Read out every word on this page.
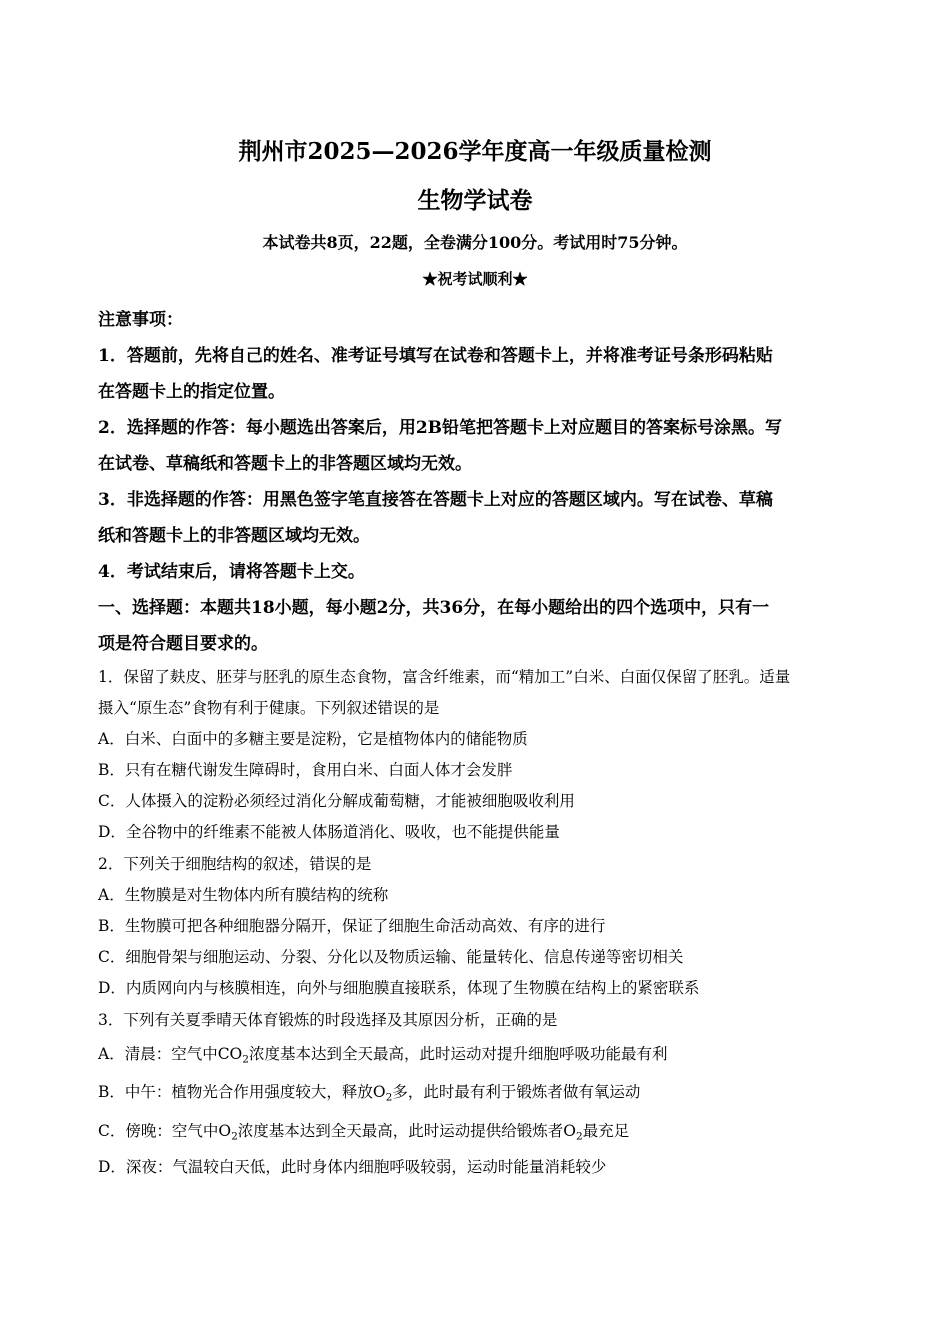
荆州市2025—2026学年度高一年级质量检测
生物学试卷
本试卷共8页，22题，全卷满分100分。考试用时75分钟。
★祝考试顺利★
注意事项：
1．答题前，先将自己的姓名、准考证号填写在试卷和答题卡上，并将准考证号条形码粘贴
在答题卡上的指定位置。
2．选择题的作答：每小题选出答案后，用2B铅笔把答题卡上对应题目的答案标号涂黑。写
在试卷、草稿纸和答题卡上的非答题区域均无效。
3．非选择题的作答：用黑色签字笔直接答在答题卡上对应的答题区域内。写在试卷、草稿
纸和答题卡上的非答题区域均无效。
4．考试结束后，请将答题卡上交。
一、选择题：本题共18小题，每小题2分，共36分，在每小题给出的四个选项中，只有一
项是符合题目要求的。
1．保留了麸皮、胚芽与胚乳的原生态食物，富含纤维素，而“精加工”白米、白面仅保留了胚乳。适量
摄入“原生态”食物有利于健康。下列叙述错误的是
A．白米、白面中的多糖主要是淀粉，它是植物体内的储能物质
B．只有在糖代谢发生障碍时，食用白米、白面人体才会发胖
C．人体摄入的淀粉必须经过消化分解成葡萄糖，才能被细胞吸收利用
D．全谷物中的纤维素不能被人体肠道消化、吸收，也不能提供能量
2．下列关于细胞结构的叙述，错误的是
A．生物膜是对生物体内所有膜结构的统称
B．生物膜可把各种细胞器分隔开，保证了细胞生命活动高效、有序的进行
C．细胞骨架与细胞运动、分裂、分化以及物质运输、能量转化、信息传递等密切相关
D．内质网向内与核膜相连，向外与细胞膜直接联系，体现了生物膜在结构上的紧密联系
3．下列有关夏季晴天体育锻炼的时段选择及其原因分析，正确的是
A．清晨：空气中$CO_2$浓度基本达到全天最高，此时运动对提升细胞呼吸功能最有利
B．中午：植物光合作用强度较大，释放$O_2$多，此时最有利于锻炼者做有氧运动
C．傍晚：空气中$O_2$浓度基本达到全天最高，此时运动提供给锻炼者$O_2$最充足
D．深夜：气温较白天低，此时身体内细胞呼吸较弱，运动时能量消耗较少
